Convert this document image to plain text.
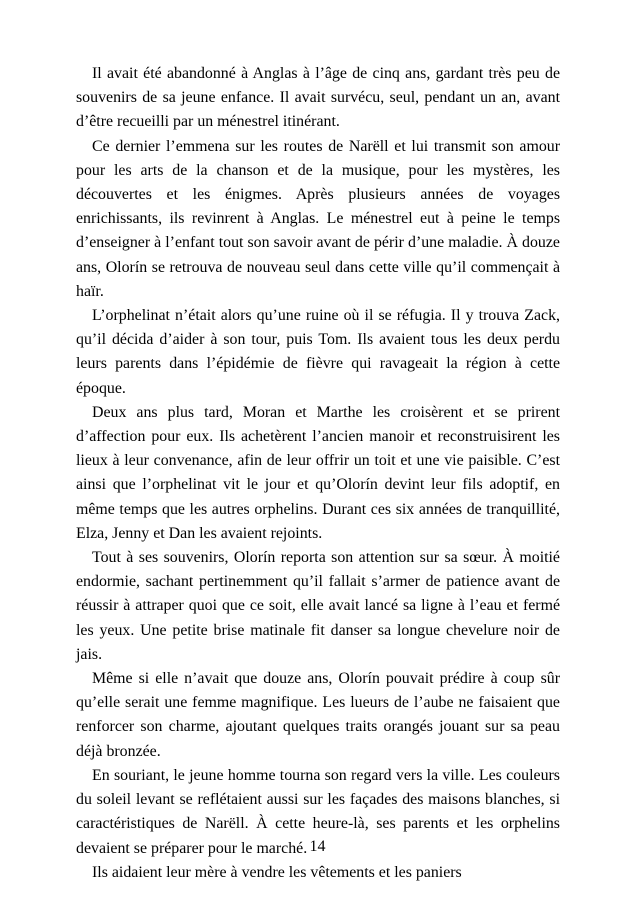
Il avait été abandonné à Anglas à l’âge de cinq ans, gardant très peu de souvenirs de sa jeune enfance. Il avait survécu, seul, pendant un an, avant d’être recueilli par un ménestrel itinérant.

Ce dernier l’emmena sur les routes de Narëll et lui transmit son amour pour les arts de la chanson et de la musique, pour les mystères, les découvertes et les énigmes. Après plusieurs années de voyages enrichissants, ils revinrent à Anglas. Le ménestrel eut à peine le temps d’enseigner à l’enfant tout son savoir avant de périr d’une maladie. À douze ans, Olorín se retrouva de nouveau seul dans cette ville qu’il commençait à haïr.

L’orphelinat n’était alors qu’une ruine où il se réfugia. Il y trouva Zack, qu’il décida d’aider à son tour, puis Tom. Ils avaient tous les deux perdu leurs parents dans l’épidémie de fièvre qui ravageait la région à cette époque.

Deux ans plus tard, Moran et Marthe les croisèrent et se prirent d’affection pour eux. Ils achetèrent l’ancien manoir et reconstruisirent les lieux à leur convenance, afin de leur offrir un toit et une vie paisible. C’est ainsi que l’orphelinat vit le jour et qu’Olorín devint leur fils adoptif, en même temps que les autres orphelins. Durant ces six années de tranquillité, Elza, Jenny et Dan les avaient rejoints.

Tout à ses souvenirs, Olorín reporta son attention sur sa sœur. À moitié endormie, sachant pertinemment qu’il fallait s’armer de patience avant de réussir à attraper quoi que ce soit, elle avait lancé sa ligne à l’eau et fermé les yeux. Une petite brise matinale fit danser sa longue chevelure noir de jais.

Même si elle n’avait que douze ans, Olorín pouvait prédire à coup sûr qu’elle serait une femme magnifique. Les lueurs de l’aube ne faisaient que renforcer son charme, ajoutant quelques traits orangés jouant sur sa peau déjà bronzée.

En souriant, le jeune homme tourna son regard vers la ville. Les couleurs du soleil levant se reflétaient aussi sur les façades des maisons blanches, si caractéristiques de Narëll. À cette heure-là, ses parents et les orphelins devaient se préparer pour le marché.

Ils aidaient leur mère à vendre les vêtements et les paniers

14
